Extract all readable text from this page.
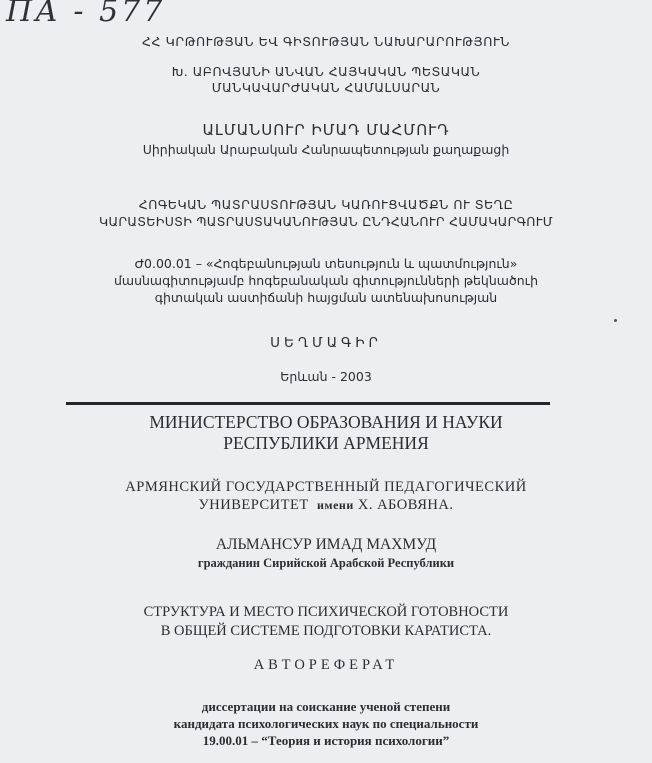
ПА - 577
ՀՀ ԿՐԹՈՒԹՅԱՆ ԵՎ ԳԻՏՈՒԹՅԱՆ ՆԱԽԱՐԱՐՈՒԹՅՈՒՆ
Խ. ԱԲՈՎՅԱՆԻ ԱՆՎԱՆ ՀԱՅԿԱԿԱՆ ՊԵՏԱԿԱՆ
ՄԱՆԿԱՎԱՐԺԱԿԱՆ ՀԱՄԱԼՍԱՐԱՆ
ԱԼՄԱՆՍՈՒՐ ԻՄԱԴ ՄԱՀՄՈՒԴ
Սիրիական Արաբական Հանրապետության քաղաքացի
ՀՈԳԵԿԱՆ ՊԱՏՐԱՍՏՈՒԹՅԱՆ ԿԱՌՈՒՑՎԱԾՔՆ ՈՒ ՏԵՂԸ
ԿԱՐԱՏԵԻՍՏԻ ՊԱՏՐԱՍՏԱԿԱՆՈՒԹՅԱՆ ԸՆԴՀԱՆՈՒՐ ՀԱՄԱԿԱՐԳՈՒՄ
Ժ0.00.01 – «Հոգեբանության տեսություն և պատմություն»
մասնագիտությամբ հոգեբանական գիտությունների թեկնածուի
գիտական աստիճանի հայցման ատենախոսության
ՍԵՂՄԱԳԻՐ
Երևան - 2003
МИНИСТЕРСТВО ОБРАЗОВАНИЯ И НАУКИ
РЕСПУБЛИКИ АРМЕНИЯ
АРМЯНСКИЙ ГОСУДАРСТВЕННЫЙ ПЕДАГОГИЧЕСКИЙ
УНИВЕРСИТЕТ имени Х. АБОВЯНА.
АЛЬМАНСУР ИМАД МАХМУД
гражданин Сирийской Арабской Республики
СТРУКТУРА И МЕСТО ПСИХИЧЕСКОЙ ГОТОВНОСТИ
В ОБЩЕЙ СИСТЕМЕ ПОДГОТОВКИ КАРАТИСТА.
АВТОРЕФЕРАТ
диссертации на соискание ученой степени
кандидата психологических наук по специальности
19.00.01 – “Теория и история психологии”
